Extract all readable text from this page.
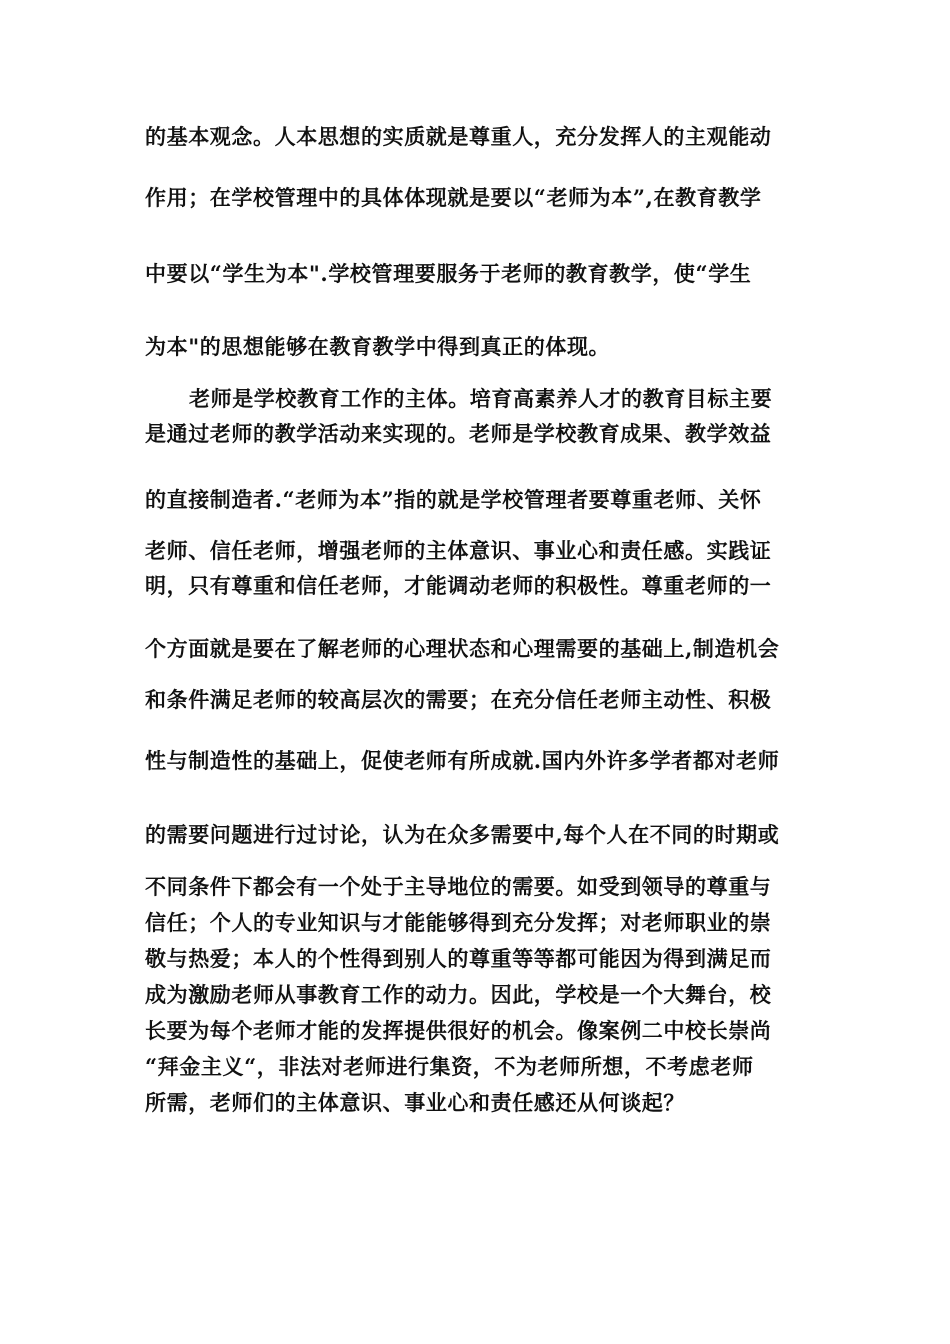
的基本观念。人本思想的实质就是尊重人，充分发挥人的主观能动
作用；在学校管理中的具体体现就是要以“老师为本”,在教育教学
中要以“学生为本".学校管理要服务于老师的教育教学，使“学生
为本"的思想能够在教育教学中得到真正的体现。
老师是学校教育工作的主体。培育高素养人才的教育目标主要
是通过老师的教学活动来实现的。老师是学校教育成果、教学效益
的直接制造者.“老师为本”指的就是学校管理者要尊重老师、关怀
老师、信任老师，增强老师的主体意识、事业心和责任感。实践证
明，只有尊重和信任老师，才能调动老师的积极性。尊重老师的一
个方面就是要在了解老师的心理状态和心理需要的基础上,制造机会
和条件满足老师的较高层次的需要；在充分信任老师主动性、积极
性与制造性的基础上，促使老师有所成就.国内外许多学者都对老师
的需要问题进行过讨论，认为在众多需要中,每个人在不同的时期或
不同条件下都会有一个处于主导地位的需要。如受到领导的尊重与
信任；个人的专业知识与才能能够得到充分发挥；对老师职业的崇
敬与热爱；本人的个性得到别人的尊重等等都可能因为得到满足而
成为激励老师从事教育工作的动力。因此，学校是一个大舞台，校
长要为每个老师才能的发挥提供很好的机会。像案例二中校长崇尚
“拜金主义“，非法对老师进行集资，不为老师所想，不考虑老师
所需，老师们的主体意识、事业心和责任感还从何谈起？
